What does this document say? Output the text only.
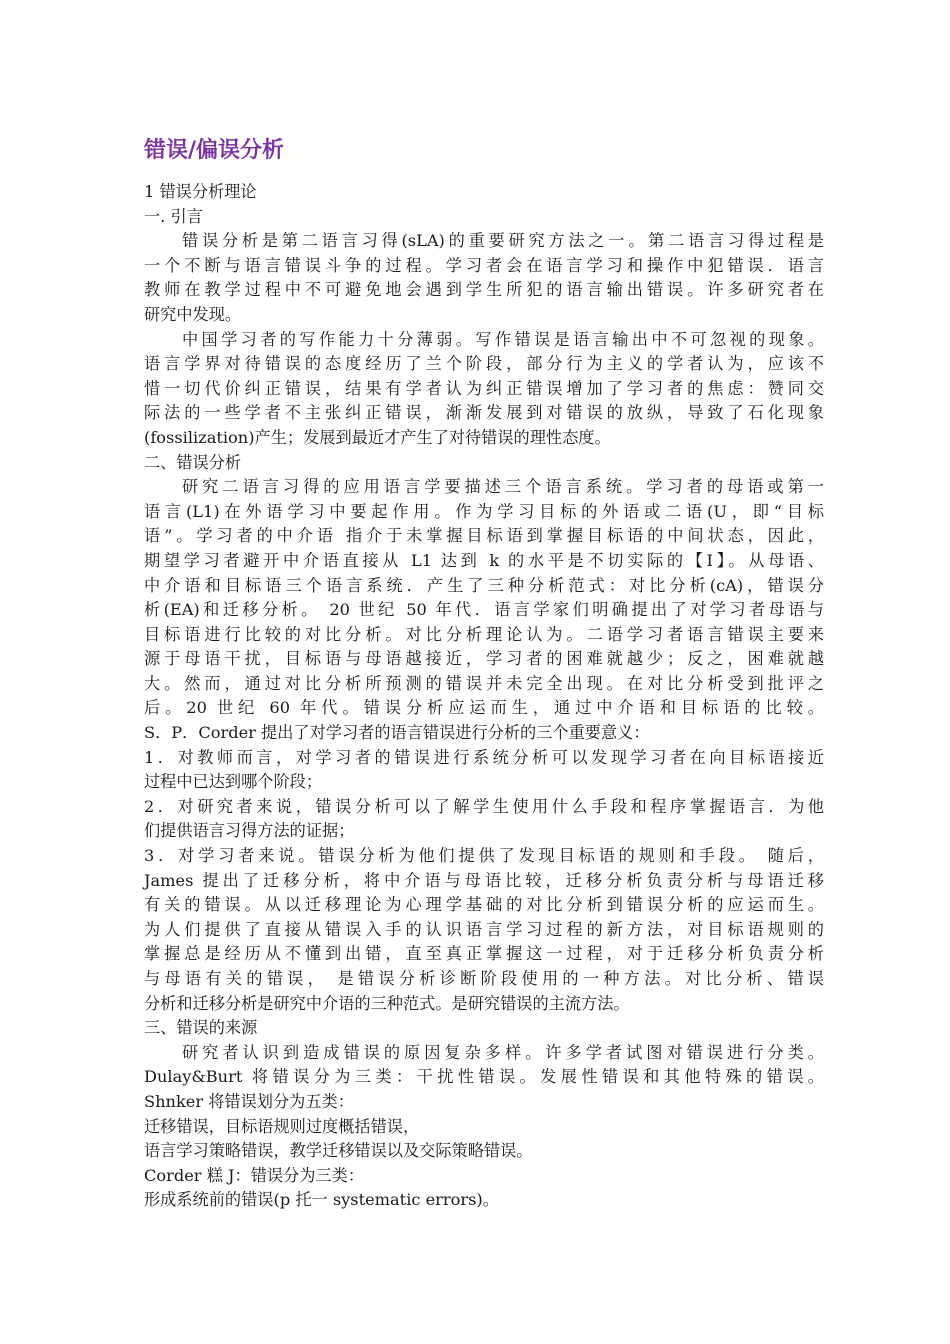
错误/偏误分析

1 错误分析理论

一. 引言

错误分析是第二语言习得(sLA)的重要研究方法之一。第二语言习得过程是

一个不断与语言错误斗争的过程。学习者会在语言学习和操作中犯错误．语言

教师在教学过程中不可避免地会遇到学生所犯的语言输出错误。许多研究者在

研究中发现。

中国学习者的写作能力十分薄弱。写作错误是语言输出中不可忽视的现象。

语言学界对待错误的态度经历了兰个阶段，部分行为主义的学者认为，应该不

惜一切代价纠正错误，结果有学者认为纠正错误增加了学习者的焦虑：赞同交

际法的一些学者不主张纠正错误，渐渐发展到对错误的放纵，导致了石化现象

(fossilization)产生；发展到最近才产生了对待错误的理性态度。

二、错误分析

研究二语言习得的应用语言学要描述三个语言系统。学习者的母语或第一

语言(L1)在外语学习中要起作用。作为学习目标的外语或二语(U，即“目标

语”。学习者的中介语 指介于未掌握目标语到掌握目标语的中间状态，因此，

期望学习者避开中介语直接从 L1 达到 k 的水平是不切实际的【I】。从母语、

中介语和目标语三个语言系统．产生了三种分析范式：对比分析(cA)，错误分

析(EA)和迁移分析。 20 世纪 50 年代．语言学家们明确提出了对学习者母语与

目标语进行比较的对比分析。对比分析理论认为。二语学习者语言错误主要来

源于母语干扰，目标语与母语越接近，学习者的困难就越少；反之，困难就越

大。然而，通过对比分析所预测的错误并未完全出现。在对比分析受到批评之

后。20 世纪 60 年代。错误分析应运而生，通过中介语和目标语的比较。

S．P．Corder 提出了对学习者的语言错误进行分析的三个重要意义：

1．对教师而言，对学习者的错误进行系统分析可以发现学习者在向目标语接近

过程中已达到哪个阶段；

2．对研究者来说，错误分析可以了解学生使用什么手段和程序掌握语言．为他

们提供语言习得方法的证据；

3．对学习者来说。错误分析为他们提供了发现目标语的规则和手段。 随后，

James 提出了迁移分析，将中介语与母语比较，迁移分析负责分析与母语迁移

有关的错误。从以迁移理论为心理学基础的对比分析到错误分析的应运而生。

为人们提供了直接从错误入手的认识语言学习过程的新方法，对目标语规则的

掌握总是经历从不懂到出错，直至真正掌握这一过程，对于迁移分析负责分析

与母语有关的错误， 是错误分析诊断阶段使用的一种方法。对比分析、错误

分析和迁移分析是研究中介语的三种范式。是研究错误的主流方法。

三、错误的来源

研究者认识到造成错误的原因复杂多样。许多学者试图对错误进行分类。

Dulay&Burt 将错误分为三类：干扰性错误。发展性错误和其他特殊的错误。

Shnker 将错误划分为五类：

迁移错误，目标语规则过度概括错误，

语言学习策略错误，教学迁移错误以及交际策略错误。

Corder 糕 J：错误分为三类：

形成系统前的错误(p 托一 systematic errors)。
